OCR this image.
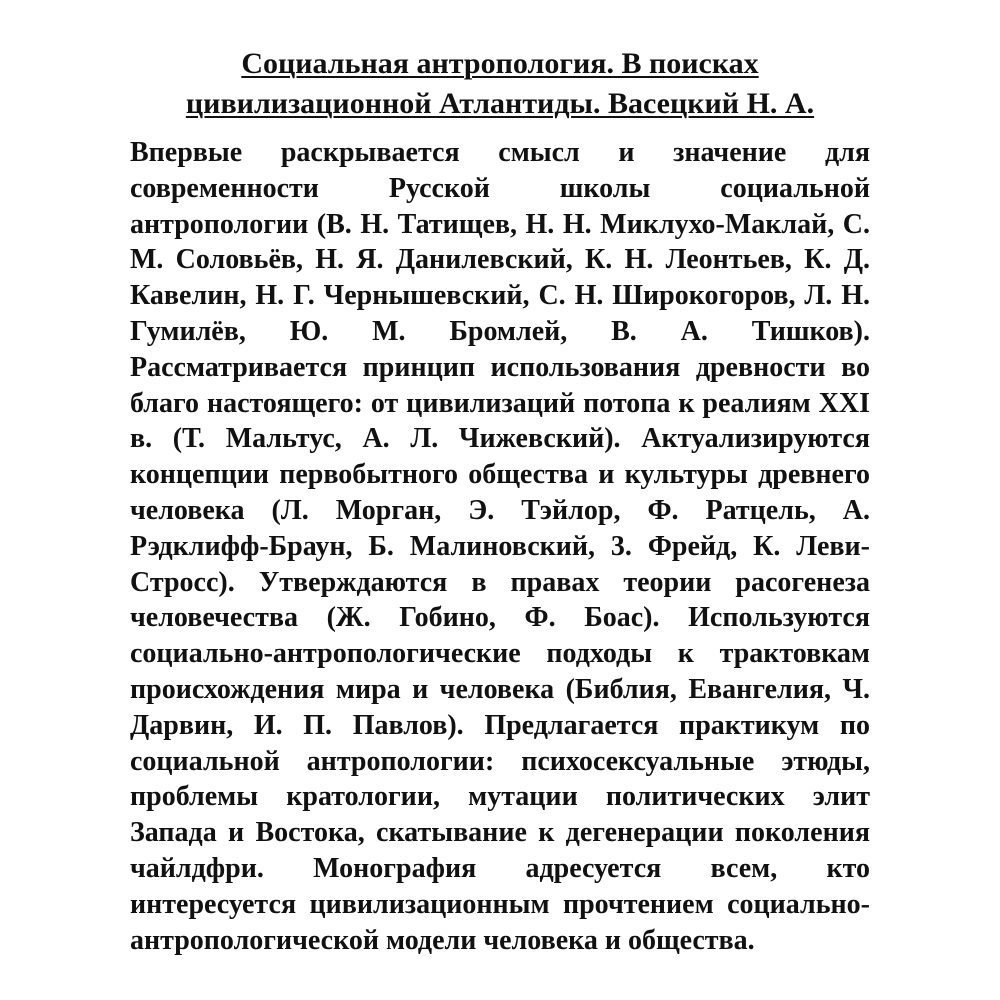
Социальная антропология. В поисках
цивилизационной Атлантиды. Васецкий Н. А.
Впервые раскрывается смысл и значение для
современности Русской школы социальной
антропологии (В. Н. Татищев, Н. Н. Миклухо-Маклай, С.
М. Соловьёв, Н. Я. Данилевский, К. Н. Леонтьев, К. Д.
Кавелин, Н. Г. Чернышевский, С. Н. Широкогоров, Л. Н.
Гумилёв, Ю. М. Бромлей, В. А. Тишков).
Рассматривается принцип использования древности во
благо настоящего: от цивилизаций потопа к реалиям XXI
в. (Т. Мальтус, А. Л. Чижевский). Актуализируются
концепции первобытного общества и культуры древнего
человека (Л. Морган, Э. Тэйлор, Ф. Ратцель, А.
Рэдклифф-Браун, Б. Малиновский, 3. Фрейд, К. Леви-
Стросс). Утверждаются в правах теории расогенеза
человечества (Ж. Гобино, Ф. Боас). Используются
социально-антропологические подходы к трактовкам
происхождения мира и человека (Библия, Евангелия, Ч.
Дарвин, И. П. Павлов). Предлагается практикум по
социальной антропологии: психосексуальные этюды,
проблемы кратологии, мутации политических элит
Запада и Востока, скатывание к дегенерации поколения
чайлдфри. Монография адресуется всем, кто
интересуется цивилизационным прочтением социально-
антропологической модели человека и общества.
